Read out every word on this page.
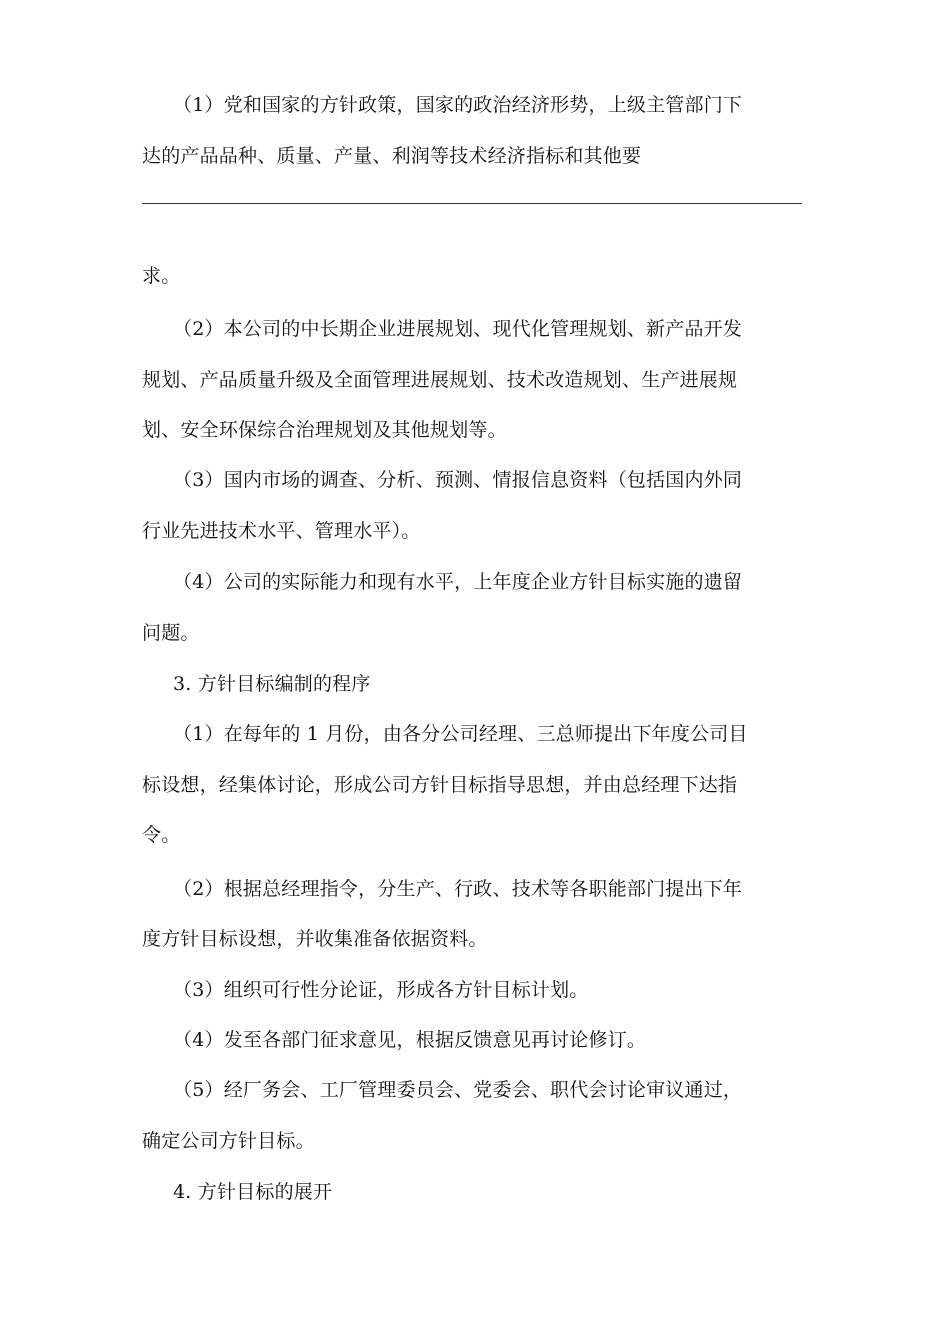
（1）党和国家的方针政策，国家的政治经济形势，上级主管部门下
达的产品品种、质量、产量、利润等技术经济指标和其他要
求。
（2）本公司的中长期企业进展规划、现代化管理规划、新产品开发
规划、产品质量升级及全面管理进展规划、技术改造规划、生产进展规
划、安全环保综合治理规划及其他规划等。
（3）国内市场的调查、分析、预测、情报信息资料（包括国内外同
行业先进技术水平、管理水平）。
（4）公司的实际能力和现有水平，上年度企业方针目标实施的遗留
问题。
3. 方针目标编制的程序
（1）在每年的 1 月份，由各分公司经理、三总师提出下年度公司目
标设想，经集体讨论，形成公司方针目标指导思想，并由总经理下达指
令。
（2）根据总经理指令，分生产、行政、技术等各职能部门提出下年
度方针目标设想，并收集准备依据资料。
（3）组织可行性分论证，形成各方针目标计划。
（4）发至各部门征求意见，根据反馈意见再讨论修订。
（5）经厂务会、工厂管理委员会、党委会、职代会讨论审议通过，
确定公司方针目标。
4. 方针目标的展开
